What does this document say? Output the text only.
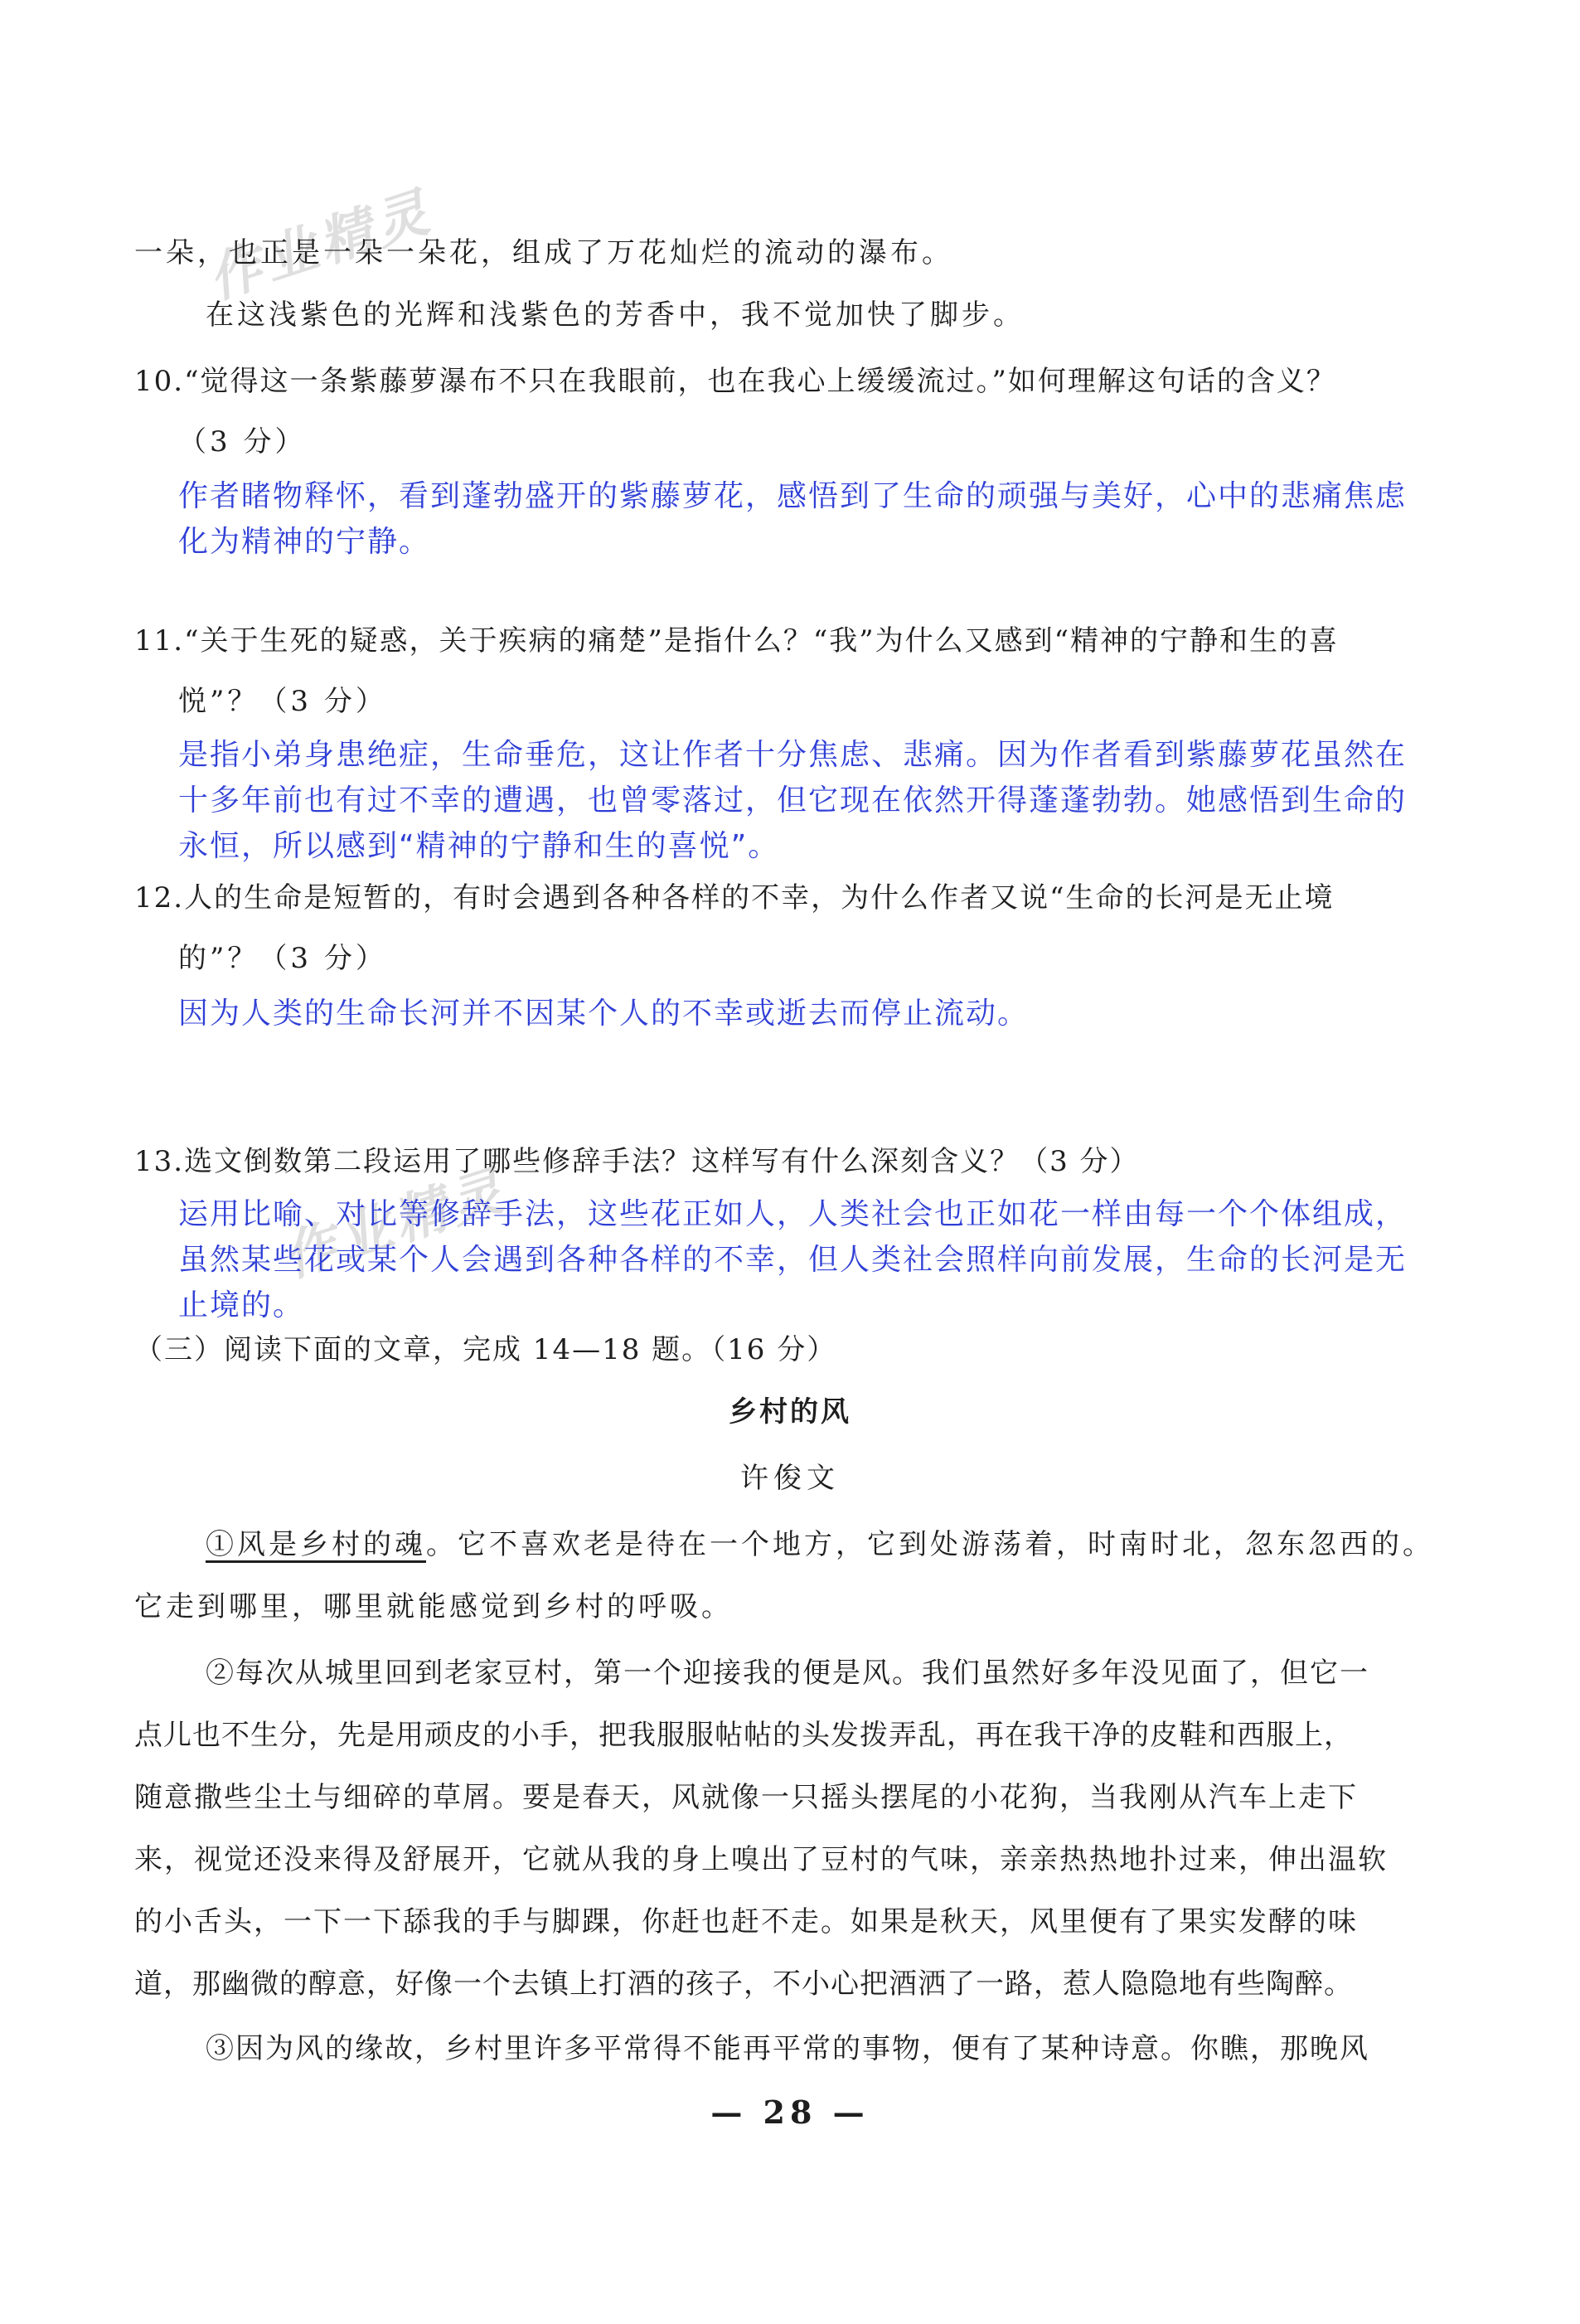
作业精灵
作业精灵
一朵，也正是一朵一朵花，组成了万花灿烂的流动的瀑布。
在这浅紫色的光辉和浅紫色的芳香中，我不觉加快了脚步。
10.“觉得这一条紫藤萝瀑布不只在我眼前，也在我心上缓缓流过。”如何理解这句话的含义？
（3 分）
作者睹物释怀，看到蓬勃盛开的紫藤萝花，感悟到了生命的顽强与美好，心中的悲痛焦虑
化为精神的宁静。
11.“关于生死的疑惑，关于疾病的痛楚”是指什么？“我”为什么又感到“精神的宁静和生的喜
悦”？（3 分）
是指小弟身患绝症，生命垂危，这让作者十分焦虑、悲痛。因为作者看到紫藤萝花虽然在
十多年前也有过不幸的遭遇，也曾零落过，但它现在依然开得蓬蓬勃勃。她感悟到生命的
永恒，所以感到“精神的宁静和生的喜悦”。
12.人的生命是短暂的，有时会遇到各种各样的不幸，为什么作者又说“生命的长河是无止境
的”？（3 分）
因为人类的生命长河并不因某个人的不幸或逝去而停止流动。
13.选文倒数第二段运用了哪些修辞手法？这样写有什么深刻含义？（3 分）
运用比喻、对比等修辞手法，这些花正如人，人类社会也正如花一样由每一个个体组成，
虽然某些花或某个人会遇到各种各样的不幸，但人类社会照样向前发展，生命的长河是无
止境的。
（三）阅读下面的文章，完成 14—18 题。（16 分）
乡村的风
许俊文
①风是乡村的魂。它不喜欢老是待在一个地方，它到处游荡着，时南时北，忽东忽西的。
它走到哪里，哪里就能感觉到乡村的呼吸。
②每次从城里回到老家豆村，第一个迎接我的便是风。我们虽然好多年没见面了，但它一
点儿也不生分，先是用顽皮的小手，把我服服帖帖的头发拨弄乱，再在我干净的皮鞋和西服上，
随意撒些尘土与细碎的草屑。要是春天，风就像一只摇头摆尾的小花狗，当我刚从汽车上走下
来，视觉还没来得及舒展开，它就从我的身上嗅出了豆村的气味，亲亲热热地扑过来，伸出温软
的小舌头，一下一下舔我的手与脚踝，你赶也赶不走。如果是秋天，风里便有了果实发酵的味
道，那幽微的醇意，好像一个去镇上打酒的孩子，不小心把酒洒了一路，惹人隐隐地有些陶醉。
③因为风的缘故，乡村里许多平常得不能再平常的事物，便有了某种诗意。你瞧，那晚风
— 28 —
